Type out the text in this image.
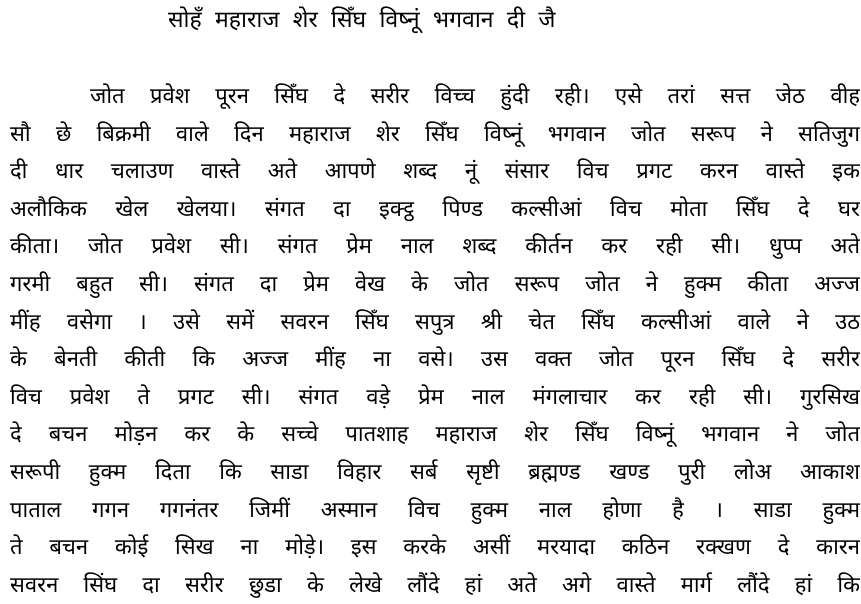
सोहँ महाराज शेर सिँघ विष्नूं भगवान दी जै
जोत प्रवेश पूरन सिँघ दे सरीर विच्च हुंदी रही। एसे तरां सत्त जेठ वीह
सौ छे बिक्रमी वाले दिन महाराज शेर सिँघ विष्नूं भगवान जोत सरूप ने सतिजुग
दी धार चलाउण वास्ते अते आपणे शब्द नूं संसार विच प्रगट करन वास्ते इक
अलौकिक खेल खेलया। संगत दा इक्ट्ठ पिण्ड कल्सीआं विच मोता सिँघ दे घर
कीता। जोत प्रवेश सी। संगत प्रेम नाल शब्द कीर्तन कर रही सी। धुप्प अते
गरमी बहुत सी। संगत दा प्रेम वेख के जोत सरूप जोत ने हुक्म कीता अज्ज
मींह वसेगा । उसे समें सवरन सिँघ सपुत्र श्री चेत सिँघ कल्सीआं वाले ने उठ
के बेनती कीती कि अज्ज मींह ना वसे। उस वक्त जोत पूरन सिँघ दे सरीर
विच प्रवेश ते प्रगट सी। संगत वड़े प्रेम नाल मंगलाचार कर रही सी। गुरसिख
दे बचन मोड़न कर के सच्चे पातशाह महाराज शेर सिँघ विष्नूं भगवान ने जोत
सरूपी हुक्म दिता कि साडा विहार सर्ब सृष्टी ब्रह्मण्ड खण्ड पुरी लोअ आकाश
पाताल गगन गगनंतर जिमीं अस्मान विच हुक्म नाल होणा है । साडा हुक्म
ते बचन कोई सिख ना मोड़े। इस करके असीं मरयादा कठिन रक्खण दे कारन
सवरन सिंघ दा सरीर छुडा के लेखे लौंदे हां अते अगे वास्ते मार्ग लौंदे हां कि
